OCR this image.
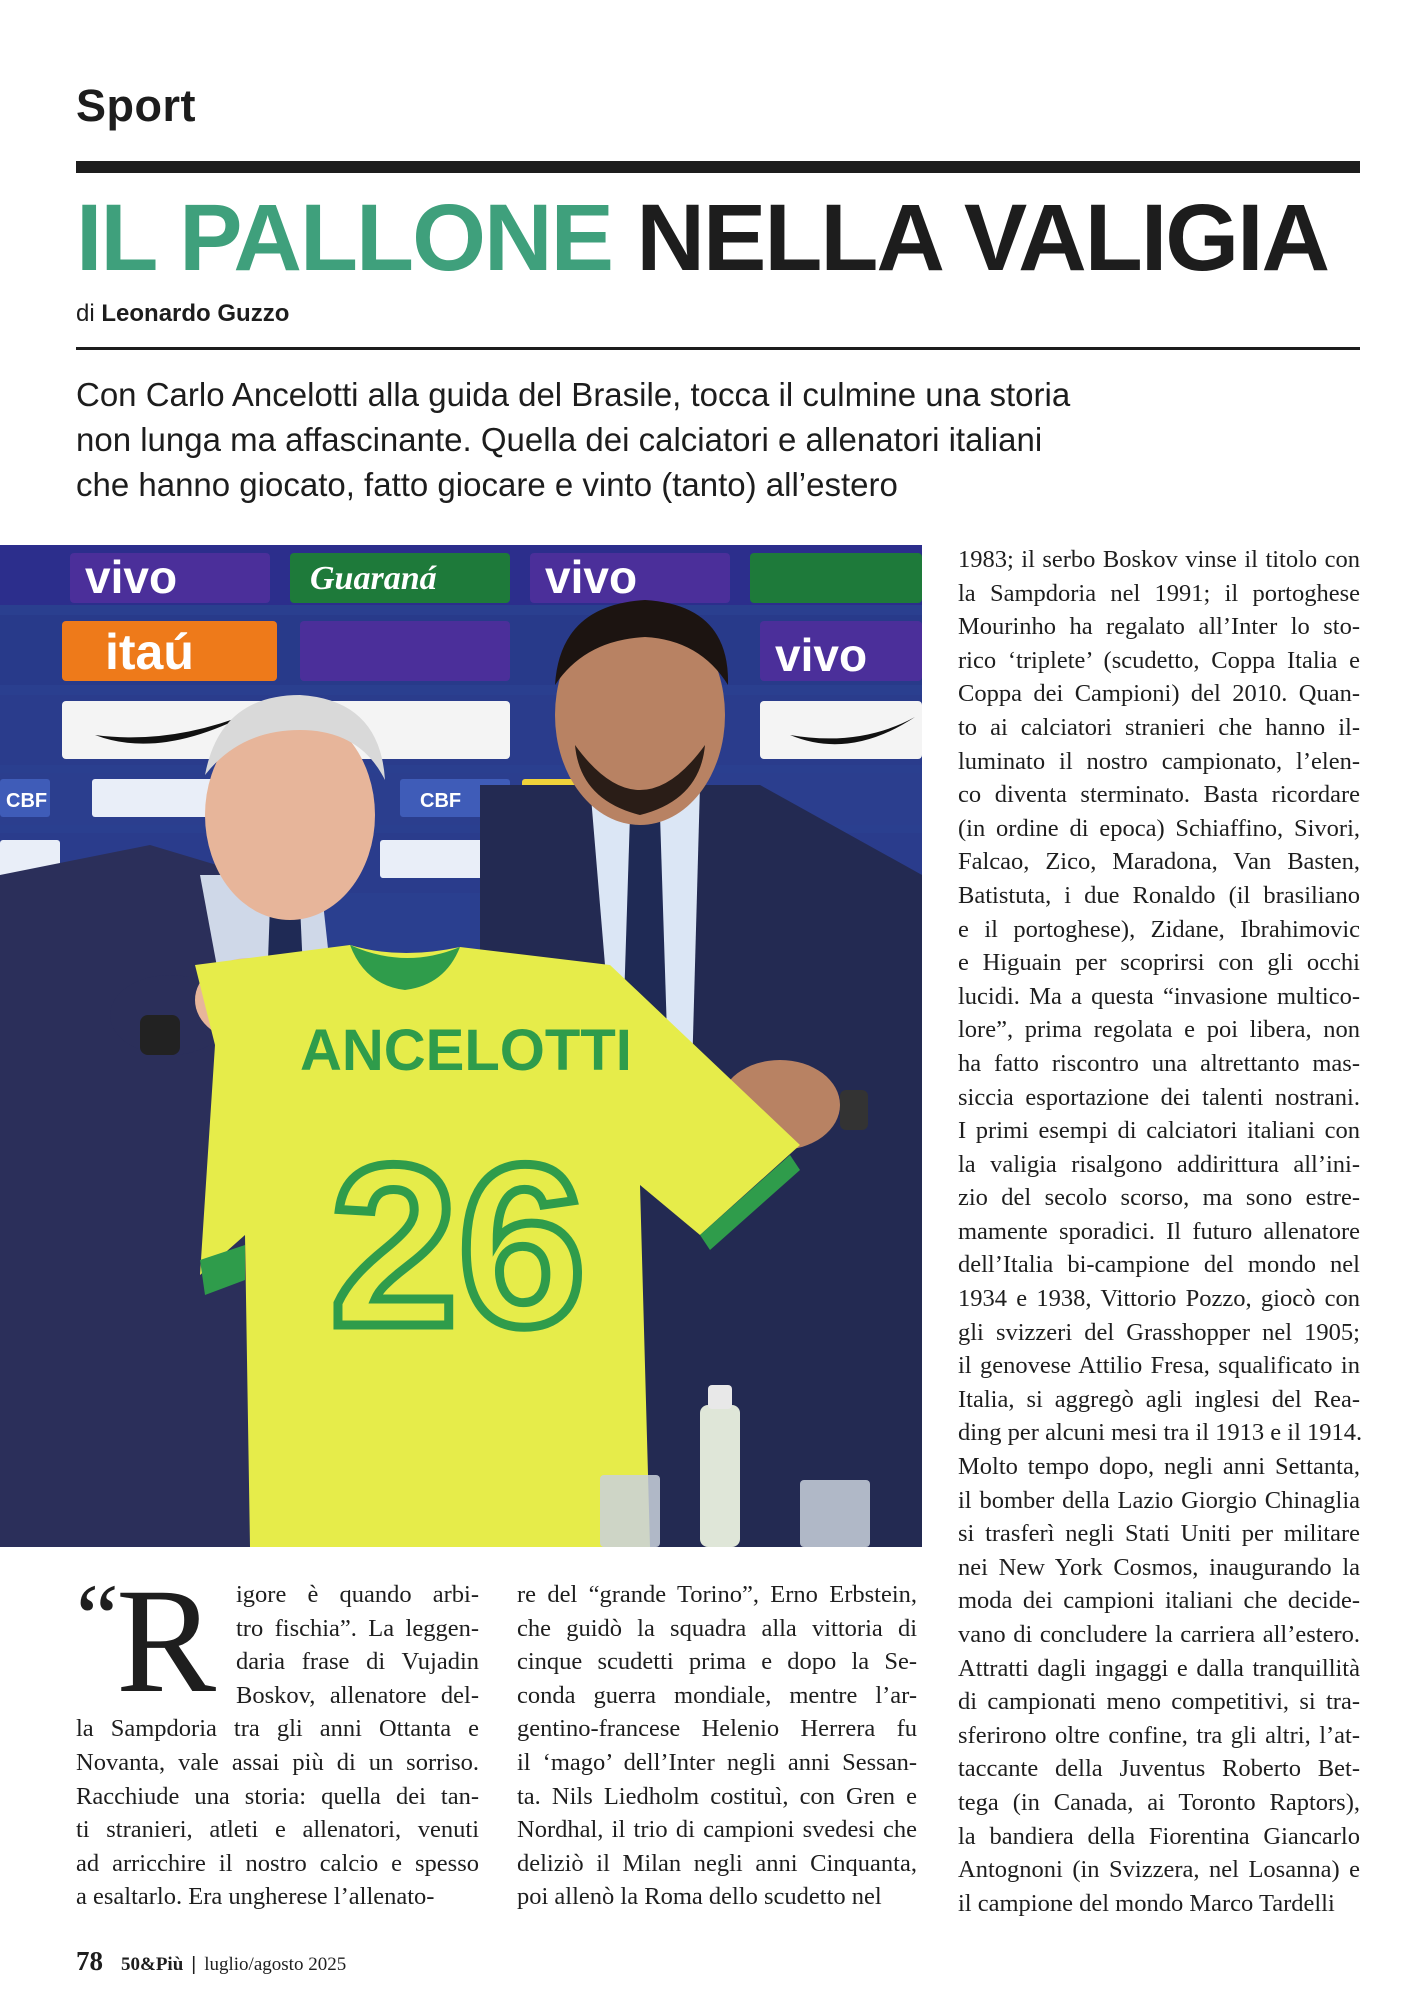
Sport
IL PALLONE NELLA VALIGIA
di Leonardo Guzzo
Con Carlo Ancelotti alla guida del Brasile, tocca il culmine una storia
non lunga ma affascinante. Quella dei calciatori e allenatori italiani
che hanno giocato, fatto giocare e vinto (tanto) all’estero
vivo	Guaraná vivo
itaú	vivo
CBF	CBF
ANCELOTTI
26
“
R igore è quando arbi-
tro fischia”. La leggen-
daria frase di Vujadin
Boskov, allenatore del-
la Sampdoria tra gli anni Ottanta e
Novanta, vale assai più di un sorriso.
Racchiude una storia: quella dei tan-
ti stranieri, atleti e allenatori, venuti
ad arricchire il nostro calcio e spesso
a esaltarlo. Era ungherese l’allenato-
re del “grande Torino”, Erno Erbstein,
che guidò la squadra alla vittoria di
cinque scudetti prima e dopo la Se-
conda guerra mondiale, mentre l’ar-
gentino-francese Helenio Herrera fu
il ‘mago’ dell’Inter negli anni Sessan-
ta. Nils Liedholm costituì, con Gren e
Nordhal, il trio di campioni svedesi che
deliziò il Milan negli anni Cinquanta,
poi allenò la Roma dello scudetto nel
1983; il serbo Boskov vinse il titolo con
la Sampdoria nel 1991; il portoghese
Mourinho ha regalato all’Inter lo sto-
rico ‘triplete’ (scudetto, Coppa Italia e
Coppa dei Campioni) del 2010. Quan-
to ai calciatori stranieri che hanno il-
luminato il nostro campionato, l’elen-
co diventa sterminato. Basta ricordare
(in ordine di epoca) Schiaffino, Sivori,
Falcao, Zico, Maradona, Van Basten,
Batistuta, i due Ronaldo (il brasiliano
e il portoghese), Zidane, Ibrahimovic
e Higuain per scoprirsi con gli occhi
lucidi. Ma a questa “invasione multico-
lore”, prima regolata e poi libera, non
ha fatto riscontro una altrettanto mas-
siccia esportazione dei talenti nostrani.
I primi esempi di calciatori italiani con
la valigia risalgono addirittura all’ini-
zio del secolo scorso, ma sono estre-
mamente sporadici. Il futuro allenatore
dell’Italia bi-campione del mondo nel
1934 e 1938, Vittorio Pozzo, giocò con
gli svizzeri del Grasshopper nel 1905;
il genovese Attilio Fresa, squalificato in
Italia, si aggregò agli inglesi del Rea-
ding per alcuni mesi tra il 1913 e il 1914.
Molto tempo dopo, negli anni Settanta,
il bomber della Lazio Giorgio Chinaglia
si trasferì negli Stati Uniti per militare
nei New York Cosmos, inaugurando la
moda dei campioni italiani che decide-
vano di concludere la carriera all’estero.
Attratti dagli ingaggi e dalla tranquillità
di campionati meno competitivi, si tra-
sferirono oltre confine, tra gli altri, l’at-
taccante della Juventus Roberto Bet-
tega (in Canada, ai Toronto Raptors),
la bandiera della Fiorentina Giancarlo
Antognoni (in Svizzera, nel Losanna) e
il campione del mondo Marco Tardelli
78 50&Più | luglio/agosto 2025
